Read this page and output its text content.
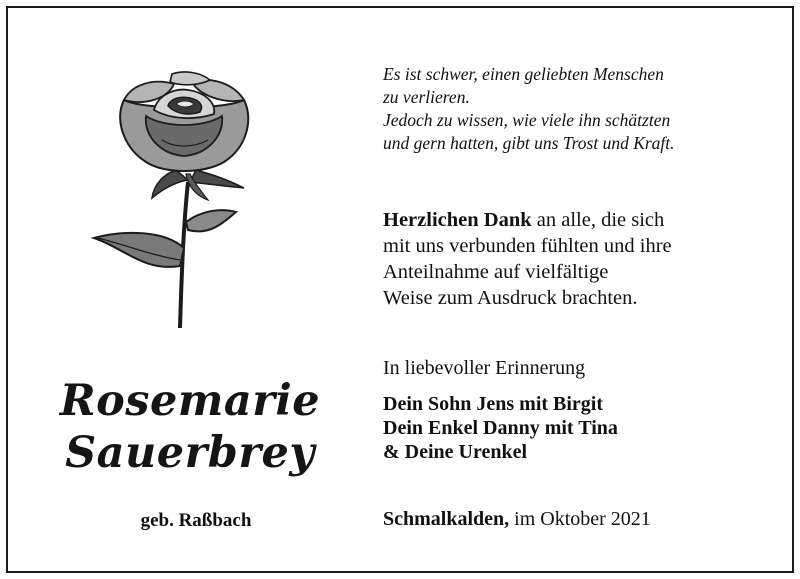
Rosemarie
Sauerbrey
geb. Raßbach
Es ist schwer, einen geliebten Menschen
zu verlieren.
Jedoch zu wissen, wie viele ihn schätzten
und gern hatten, gibt uns Trost und Kraft.
Herzlichen Dank an alle, die sich
mit uns verbunden fühlten und ihre
Anteilnahme auf vielfältige
Weise zum Ausdruck brachten.
In liebevoller Erinnerung
Dein Sohn Jens mit Birgit
Dein Enkel Danny mit Tina
& Deine Urenkel
Schmalkalden, im Oktober 2021
